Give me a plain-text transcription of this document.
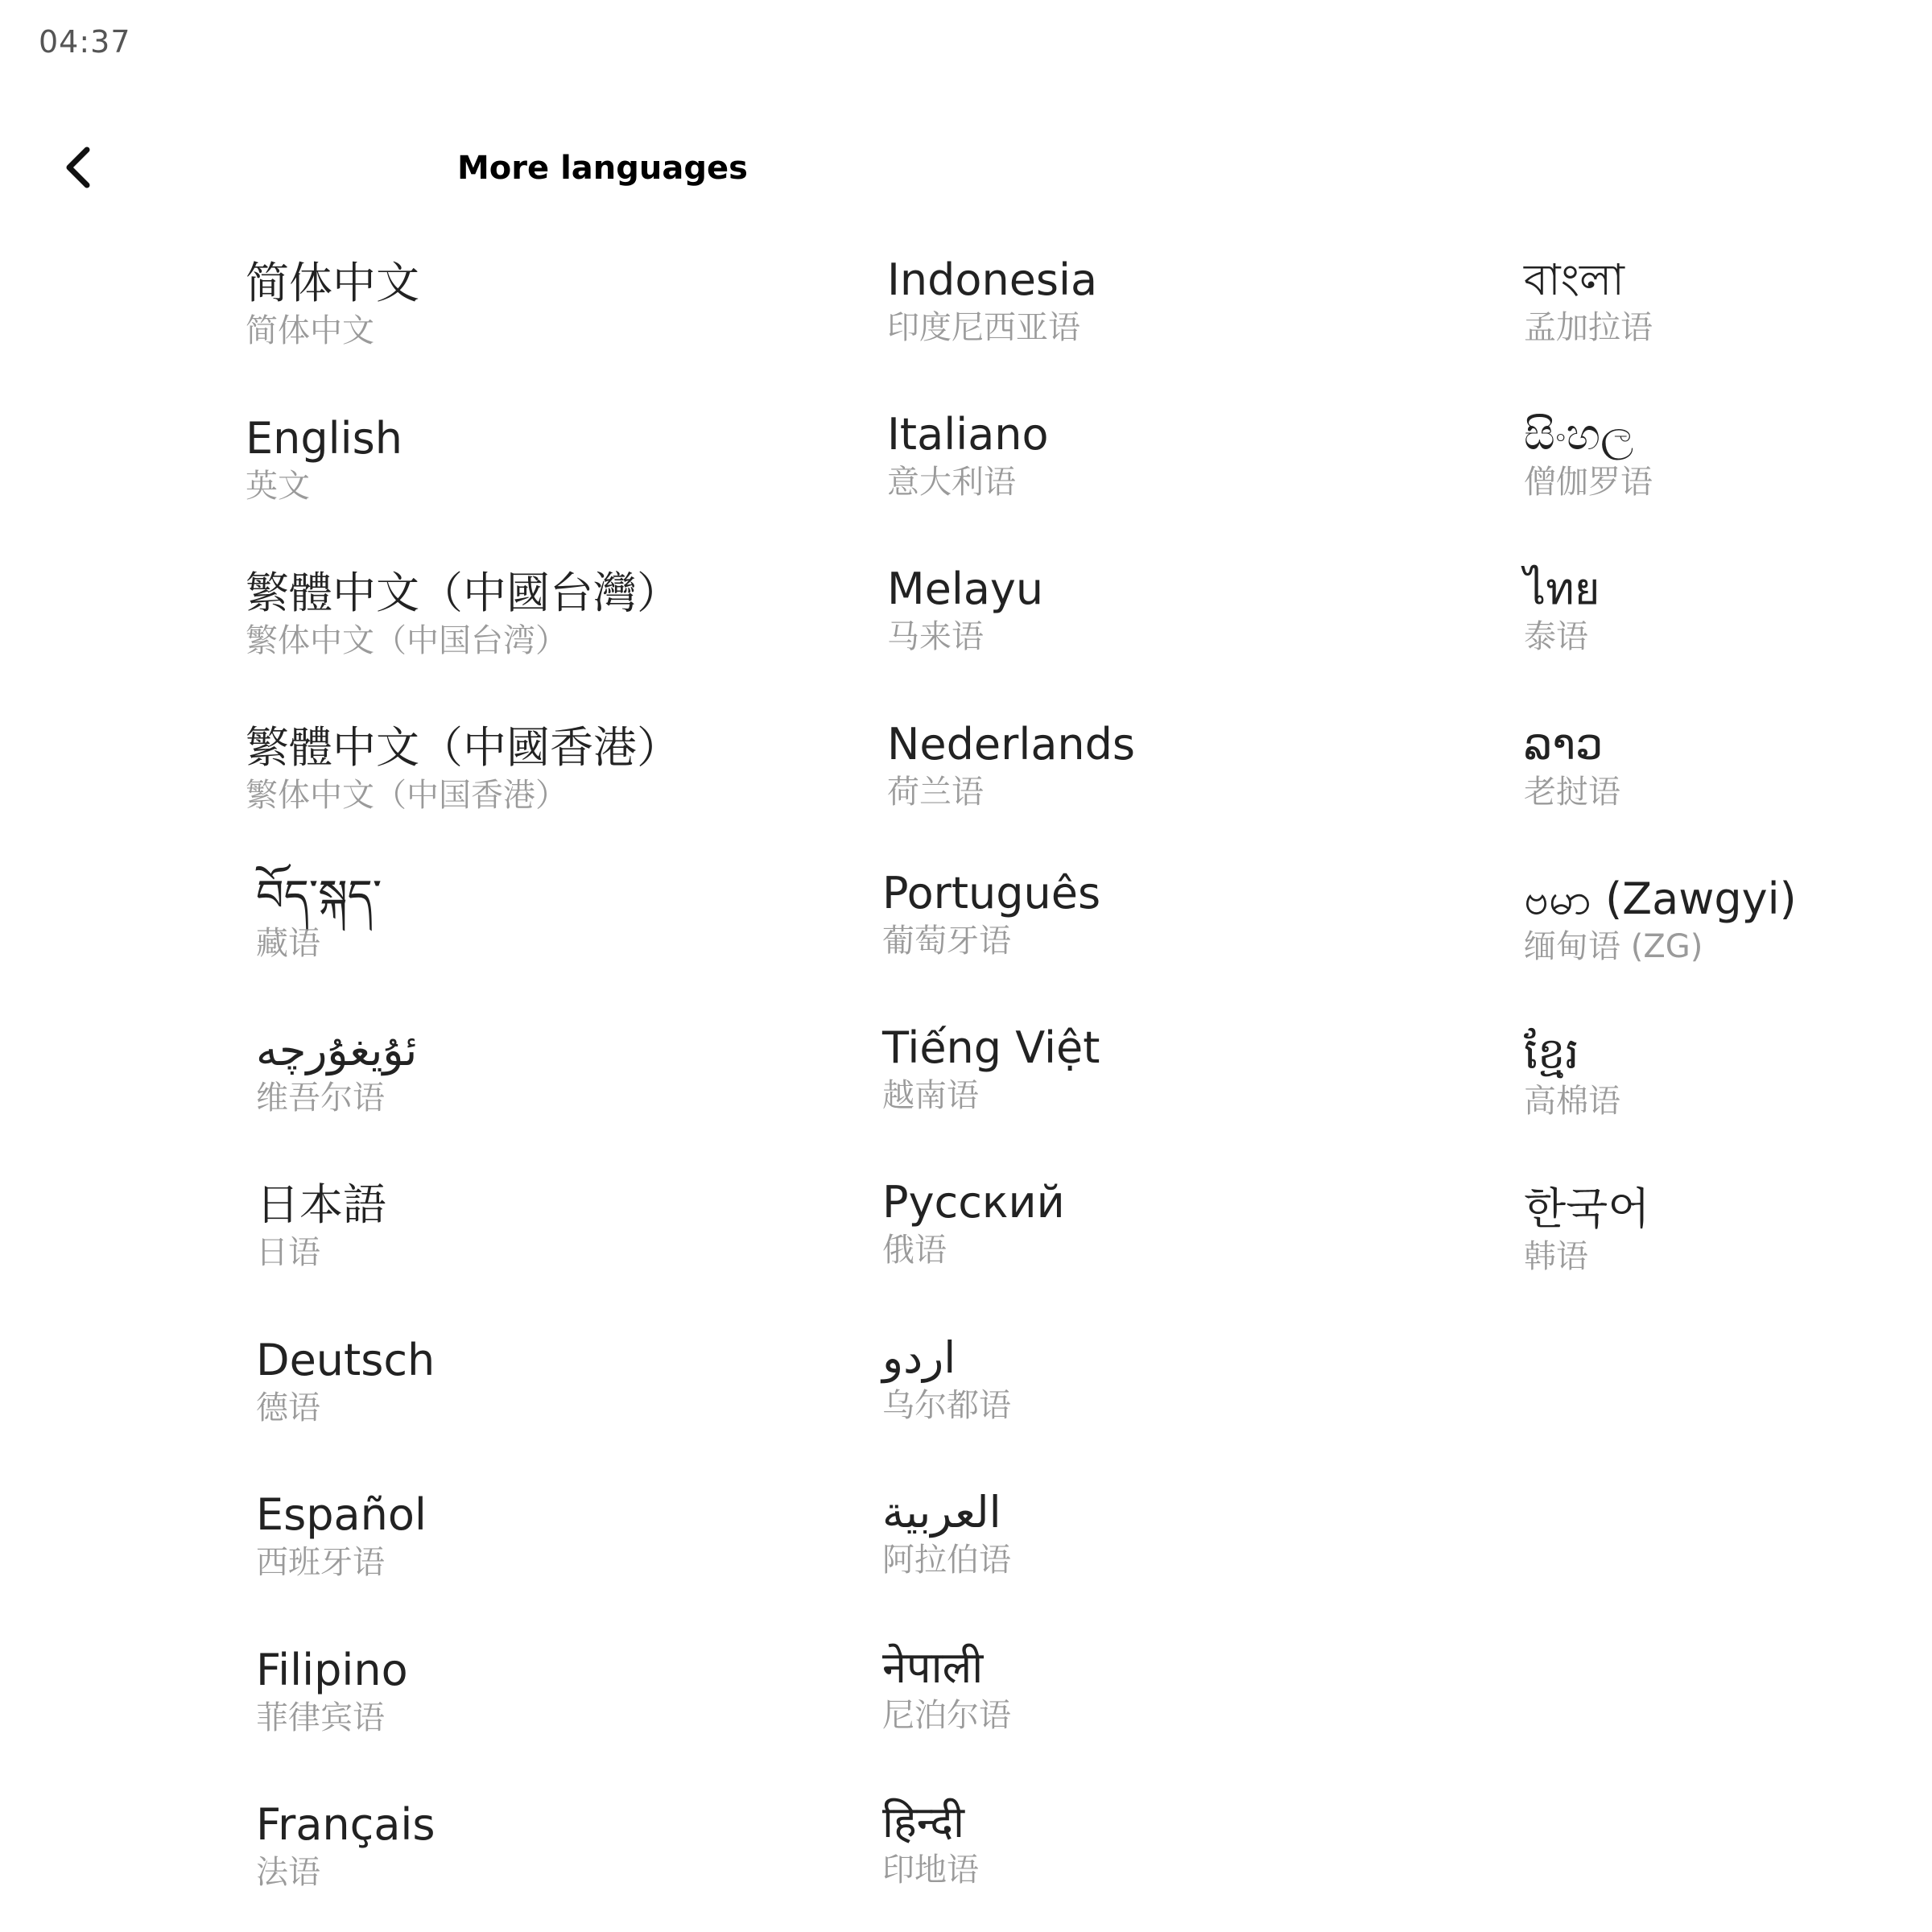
04:37
More languages
简体中文
简体中文
English
英文
繁體中文（中國台灣）
繁体中文（中国台湾）
繁體中文（中國香港）
繁体中文（中国香港）
བོད་སྐད་
藏语
ئۇيغۇرچە
维吾尔语
日本語
日语
Deutsch
德语
Español
西班牙语
Filipino
菲律宾语
Français
法语
Indonesia
印度尼西亚语
Italiano
意大利语
Melayu
马来语
Nederlands
荷兰语
Português
葡萄牙语
Tiếng Việt
越南语
Русский
俄语
اردو
乌尔都语
العربية
阿拉伯语
नेपाली
尼泊尔语
हिन्दी
印地语
বাংলা
孟加拉语
සිංහල
僧伽罗语
ไทย
泰语
ລາວ
老挝语
ဗမာ (Zawgyi)
缅甸语 (ZG)
ខ្មែរ
高棉语
한국어
韩语
